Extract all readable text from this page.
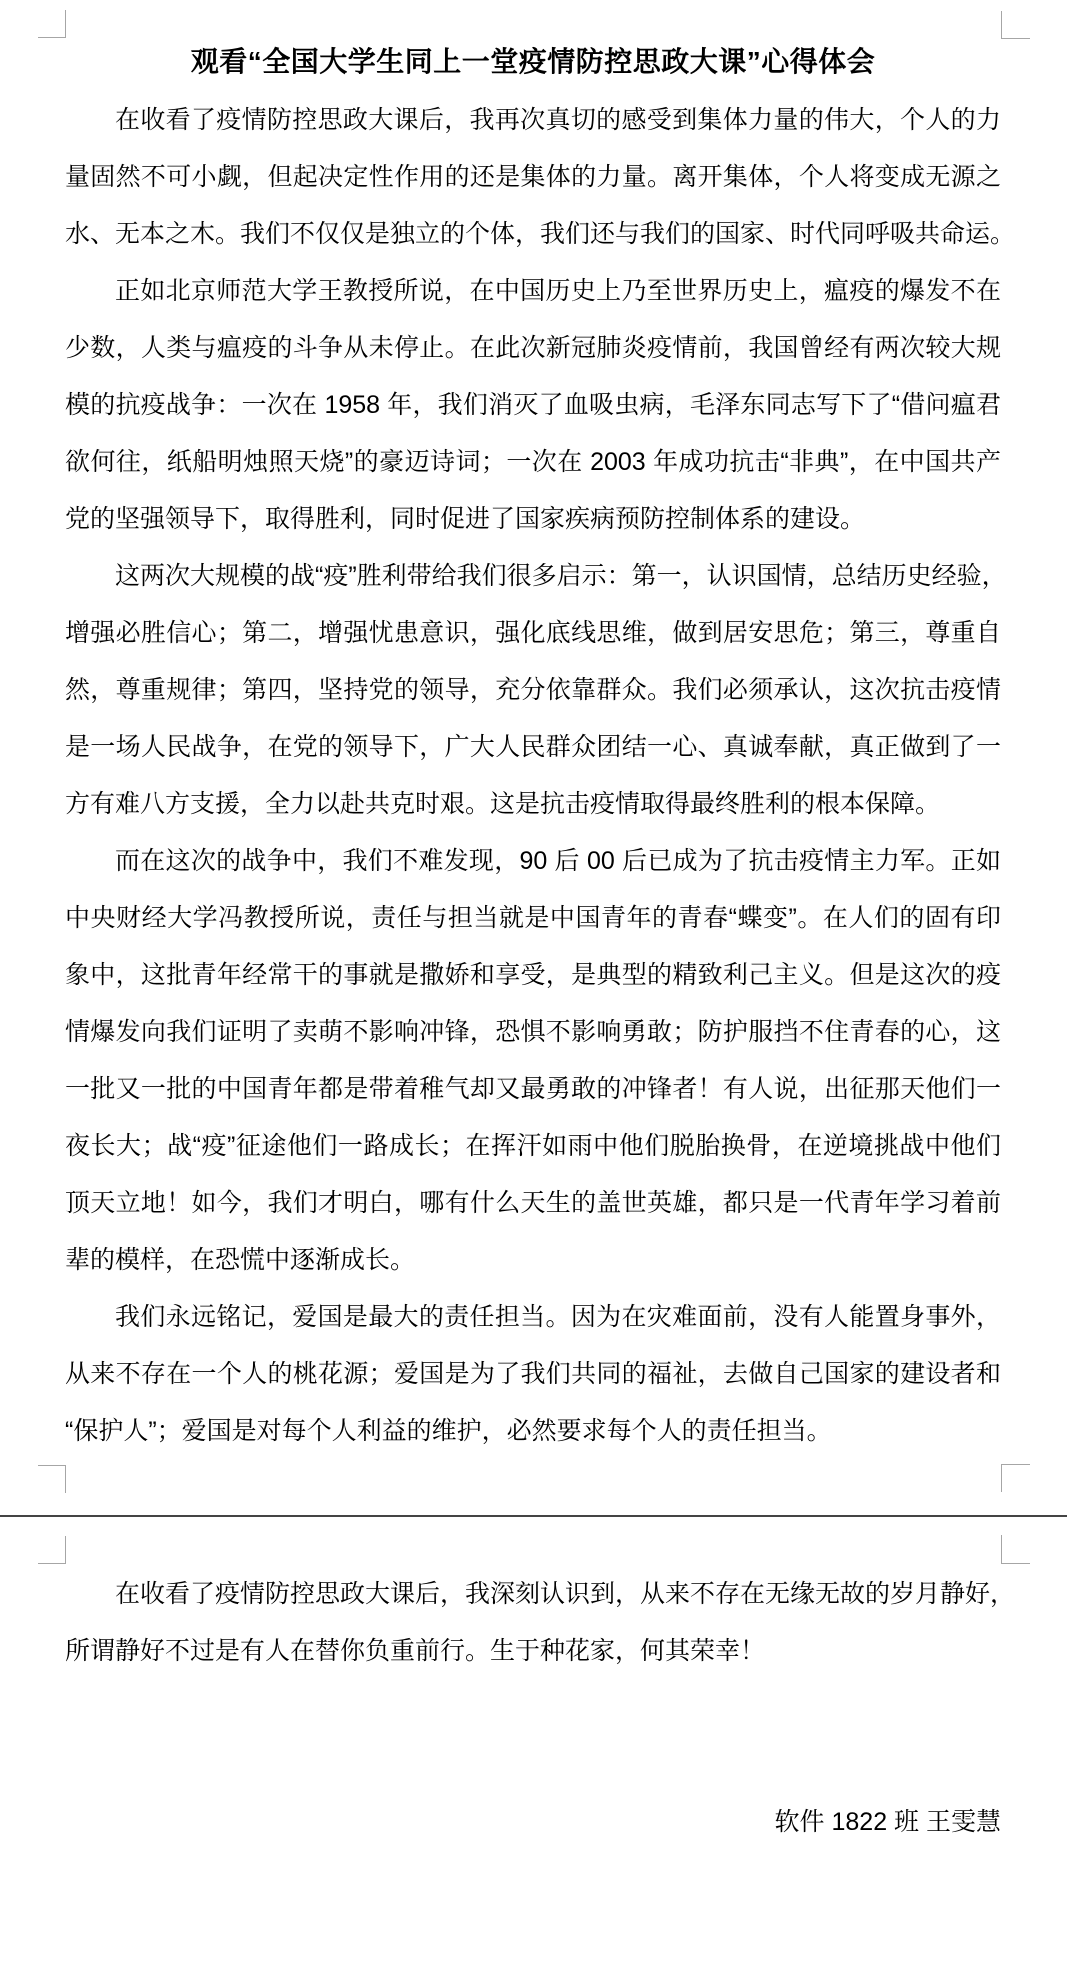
观看“全国大学生同上一堂疫情防控思政大课”心得体会
在收看了疫情防控思政大课后，我再次真切的感受到集体力量的伟大，个人的力
量固然不可小觑，但起决定性作用的还是集体的力量。离开集体，个人将变成无源之
水、无本之木。我们不仅仅是独立的个体，我们还与我们的国家、时代同呼吸共命运。
正如北京师范大学王教授所说，在中国历史上乃至世界历史上，瘟疫的爆发不在
少数，人类与瘟疫的斗争从未停止。在此次新冠肺炎疫情前，我国曾经有两次较大规
模的抗疫战争：一次在 1958 年，我们消灭了血吸虫病，毛泽东同志写下了“借问瘟君
欲何往，纸船明烛照天烧”的豪迈诗词；一次在 2003 年成功抗击“非典”，在中国共产
党的坚强领导下，取得胜利，同时促进了国家疾病预防控制体系的建设。
这两次大规模的战“疫”胜利带给我们很多启示：第一，认识国情，总结历史经验，
增强必胜信心；第二，增强忧患意识，强化底线思维，做到居安思危；第三，尊重自
然，尊重规律；第四，坚持党的领导，充分依靠群众。我们必须承认，这次抗击疫情
是一场人民战争，在党的领导下，广大人民群众团结一心、真诚奉献，真正做到了一
方有难八方支援，全力以赴共克时艰。这是抗击疫情取得最终胜利的根本保障。
而在这次的战争中，我们不难发现，90 后 00 后已成为了抗击疫情主力军。正如
中央财经大学冯教授所说，责任与担当就是中国青年的青春“蝶变”。在人们的固有印
象中，这批青年经常干的事就是撒娇和享受，是典型的精致利己主义。但是这次的疫
情爆发向我们证明了卖萌不影响冲锋，恐惧不影响勇敢；防护服挡不住青春的心，这
一批又一批的中国青年都是带着稚气却又最勇敢的冲锋者！有人说，出征那天他们一
夜长大；战“疫”征途他们一路成长；在挥汗如雨中他们脱胎换骨，在逆境挑战中他们
顶天立地！如今，我们才明白，哪有什么天生的盖世英雄，都只是一代青年学习着前
辈的模样，在恐慌中逐渐成长。
我们永远铭记，爱国是最大的责任担当。因为在灾难面前，没有人能置身事外，
从来不存在一个人的桃花源；爱国是为了我们共同的福祉，去做自己国家的建设者和
“保护人”；爱国是对每个人利益的维护，必然要求每个人的责任担当。
在收看了疫情防控思政大课后，我深刻认识到，从来不存在无缘无故的岁月静好，
所谓静好不过是有人在替你负重前行。生于种花家，何其荣幸！
软件 1822 班 王雯慧
